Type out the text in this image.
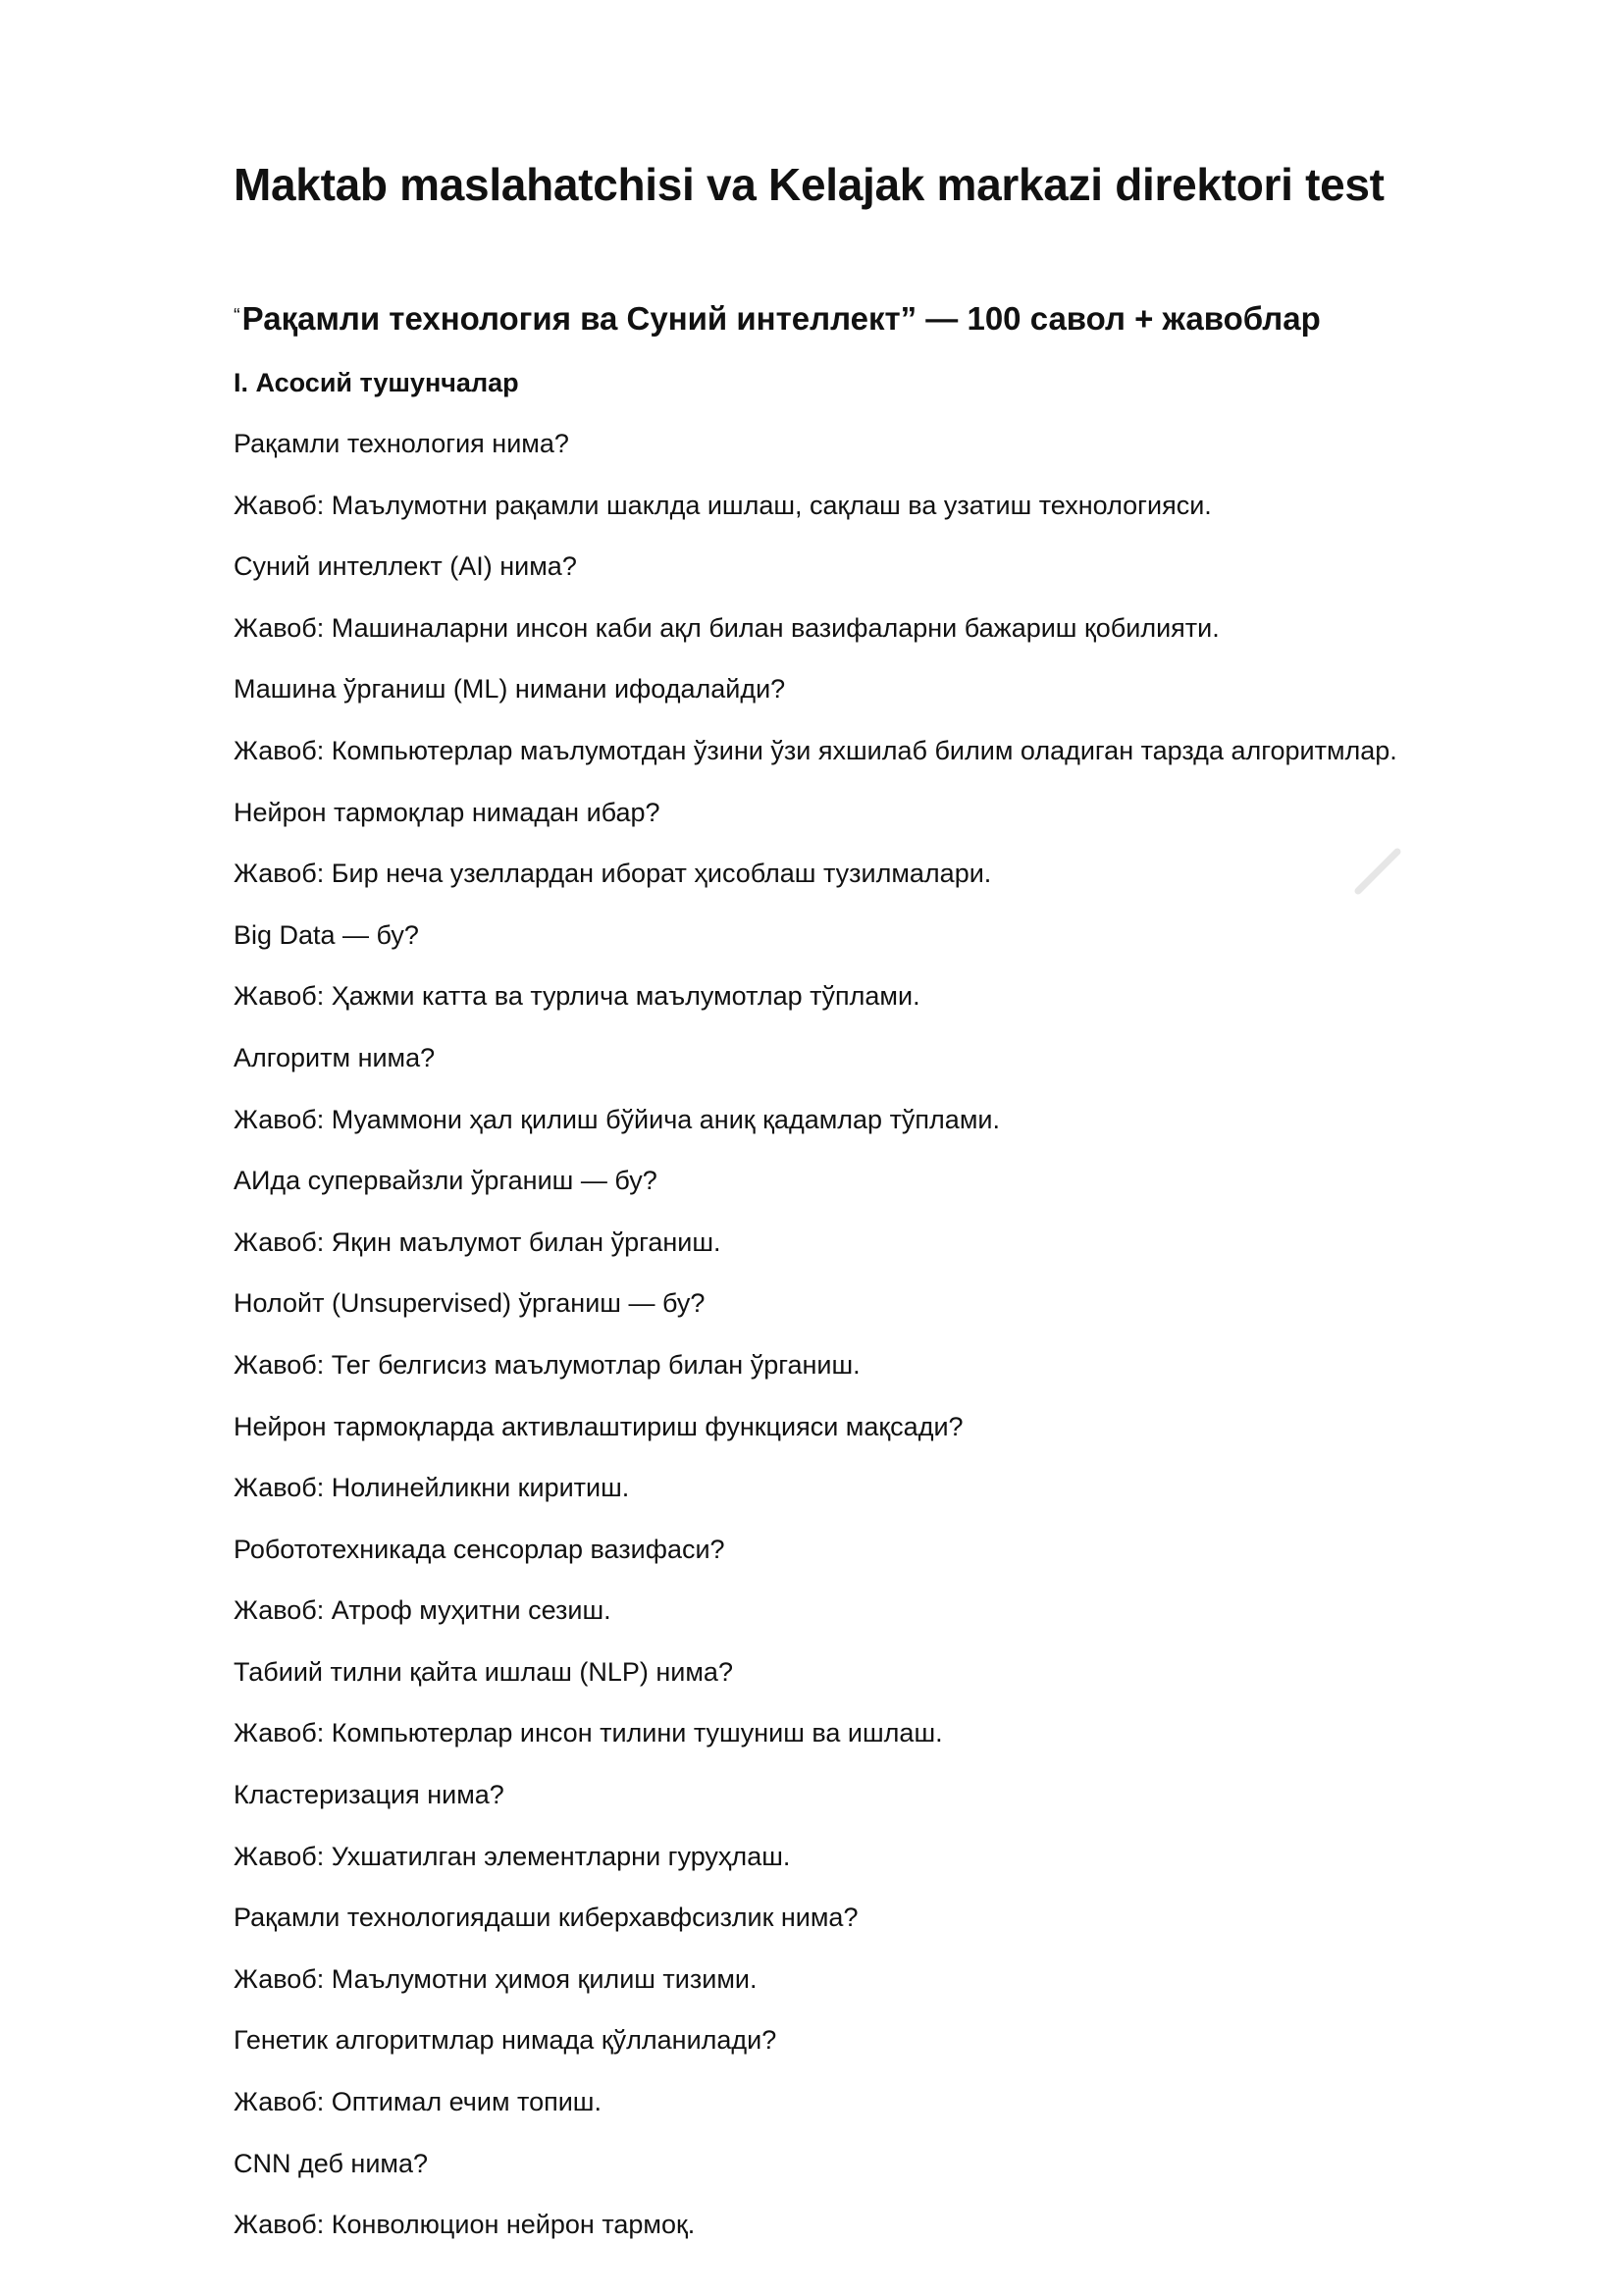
Maktab maslahatchisi va Kelajak markazi direktori test
“Рақамли технология ва Суний интеллект” — 100 савол + жавоблар
I. Асосий тушунчалар
Рақамли технология нима?
Жавоб: Маълумотни рақамли шаклда ишлаш, сақлаш ва узатиш технологияси.
Суний интеллект (AI) нима?
Жавоб: Машиналарни инсон каби ақл билан вазифаларни бажариш қобилияти.
Машина ўрганиш (ML) нимани ифодалайди?
Жавоб: Компьютерлар маълумотдан ўзини ўзи яхшилаб билим оладиган тарзда алгоритмлар.
Нейрон тармоқлар нимадан ибар?
Жавоб: Бир неча узеллардан иборат ҳисоблаш тузилмалари.
Big Data — бу?
Жавоб: Ҳажми катта ва турлича маълумотлар тўплами.
Алгоритм нима?
Жавоб: Муаммони ҳал қилиш бўйича аниқ қадамлар тўплами.
АИда супервайзли ўрганиш — бу?
Жавоб: Яқин маълумот билан ўрганиш.
Нолойт (Unsupervised) ўрганиш — бу?
Жавоб: Тег белгисиз маълумотлар билан ўрганиш.
Нейрон тармоқларда активлаштириш функцияси мақсади?
Жавоб: Нолинейликни киритиш.
Робототехникада сенсорлар вазифаси?
Жавоб: Атроф муҳитни сезиш.
Табиий тилни қайта ишлаш (NLP) нима?
Жавоб: Компьютерлар инсон тилини тушуниш ва ишлаш.
Кластеризация нима?
Жавоб: Ухшатилган элементларни гуруҳлаш.
Рақамли технологиядаши киберхавфсизлик нима?
Жавоб: Маълумотни ҳимоя қилиш тизими.
Генетик алгоритмлар нимада қўлланилади?
Жавоб: Оптимал ечим топиш.
CNN деб нима?
Жавоб: Конволюцион нейрон тармоқ.
